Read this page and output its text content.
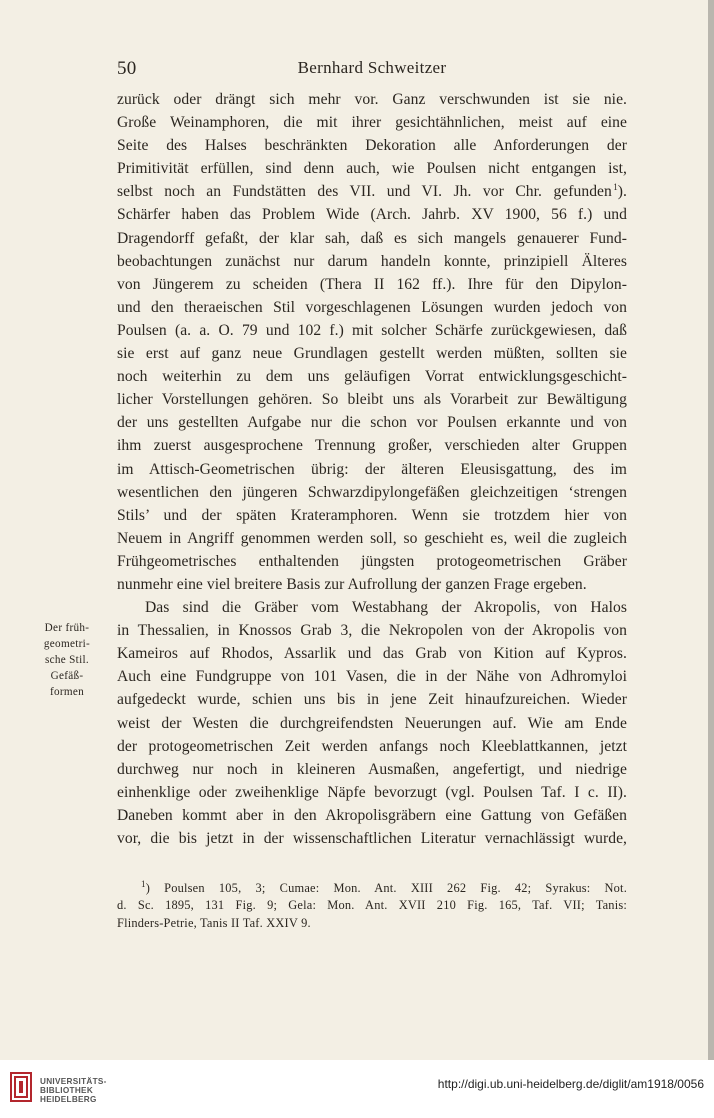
50	Bernhard Schweitzer
zurück oder drängt sich mehr vor. Ganz verschwunden ist sie nie.
Große Weinamphoren, die mit ihrer gesichtähnlichen, meist auf eine
Seite des Halses beschränkten Dekoration alle Anforderungen der
Primitivität erfüllen, sind denn auch, wie Poulsen nicht entgangen ist,
selbst noch an Fundstätten des VII. und VI. Jh. vor Chr. gefunden $^1$).
Schärfer haben das Problem Wide (Arch. Jahrb. XV 1900, 56 f.) und
Dragendorff gefaßt, der klar sah, daß es sich mangels genauerer Fund-
beobachtungen zunächst nur darum handeln konnte, prinzipiell Älteres
von Jüngerem zu scheiden (Thera II 162 ff.). Ihre für den Dipylon-
und den theraeischen Stil vorgeschlagenen Lösungen wurden jedoch von
Poulsen (a. a. O. 79 und 102 f.) mit solcher Schärfe zurückgewiesen, daß
sie erst auf ganz neue Grundlagen gestellt werden müßten, sollten sie
noch weiterhin zu dem uns geläufigen Vorrat entwicklungsgeschicht-
licher Vorstellungen gehören. So bleibt uns als Vorarbeit zur Bewältigung
der uns gestellten Aufgabe nur die schon vor Poulsen erkannte und von
ihm zuerst ausgesprochene Trennung großer, verschieden alter Gruppen
im Attisch-Geometrischen übrig: der älteren Eleusisgattung, des im
wesentlichen den jüngeren Schwarzdipylongefäßen gleichzeitigen ‘strengen
Stils’ und der späten Krateramphoren. Wenn sie trotzdem hier von
Neuem in Angriff genommen werden soll, so geschieht es, weil die zugleich
Frühgeometrisches enthaltenden jüngsten protogeometrischen Gräber
nunmehr eine viel breitere Basis zur Aufrollung der ganzen Frage ergeben.
Das sind die Gräber vom Westabhang der Akropolis, von Halos
in Thessalien, in Knossos Grab 3, die Nekropolen von der Akropolis von
Kameiros auf Rhodos, Assarlik und das Grab von Kition auf Kypros.
Auch eine Fundgruppe von 101 Vasen, die in der Nähe von Adhromyloi
aufgedeckt wurde, schien uns bis in jene Zeit hinaufzureichen. Wieder
weist der Westen die durchgreifendsten Neuerungen auf. Wie am Ende
der protogeometrischen Zeit werden anfangs noch Kleeblattkannen, jetzt
durchweg nur noch in kleineren Ausmaßen, angefertigt, und niedrige
einhenklige oder zweihenklige Näpfe bevorzugt (vgl. Poulsen Taf. I c. II).
Daneben kommt aber in den Akropolisgräbern eine Gattung von Gefäßen
vor, die bis jetzt in der wissenschaftlichen Literatur vernachlässigt wurde,
Der früh-
geometri-
sche Stil.
Gefäß-
formen
$^1$) Poulsen 105, 3; Cumae: Mon. Ant. XIII 262 Fig. 42; Syrakus: Not.
d. Sc. 1895, 131 Fig. 9; Gela: Mon. Ant. XVII 210 Fig. 165, Taf. VII; Tanis:
Flinders-Petrie, Tanis II Taf. XXIV 9.
UNIVERSITÄTS-
BIBLIOTHEK
HEIDELBERG
http://digi.ub.uni-heidelberg.de/diglit/am1918/0056
